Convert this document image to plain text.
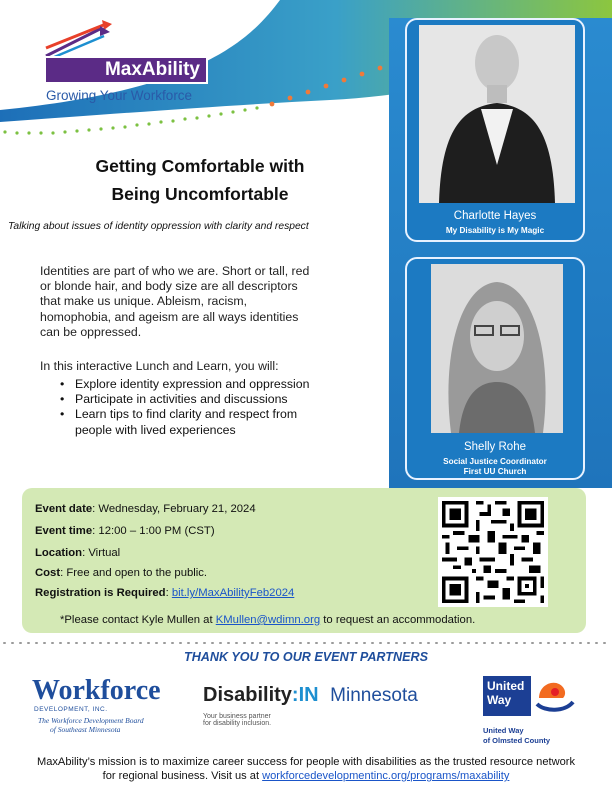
MaxAbility
Growing Your Workforce
Getting Comfortable with
Being Uncomfortable
Talking about issues of identity oppression with clarity and respect
Identities are part of who we are. Short or tall, red
or blonde hair, and body size are all descriptors
that make us unique. Ableism, racism,
homophobia, and ageism are all ways identities
can be oppressed.
In this interactive Lunch and Learn, you will:
• Explore identity expression and oppression
• Participate in activities and discussions
• Learn tips to find clarity and respect from
people with lived experiences
Charlotte Hayes
My Disability is My Magic
Shelly Rohe
Social Justice Coordinator
First UU Church
Event date: Wednesday, February 21, 2024
Event time: 12:00 – 1:00 PM (CST)
Location: Virtual
Cost: Free and open to the public.
Registration is Required: bit.ly/MaxAbilityFeb2024
*Please contact Kyle Mullen at KMullen@wdimn.org to request an accommodation.
THANK YOU TO OUR EVENT PARTNERS
Workforce
DEVELOPMENT, INC.
The Workforce Development Board
of Southeast Minnesota
Disability:IN Minnesota
Your business partner
for disability inclusion.
United
Way
United Way
of Olmsted County
MaxAbility’s mission is to maximize career success for people with disabilities as the trusted resource network
for regional business. Visit us at workforcedevelopmentinc.org/programs/maxability
